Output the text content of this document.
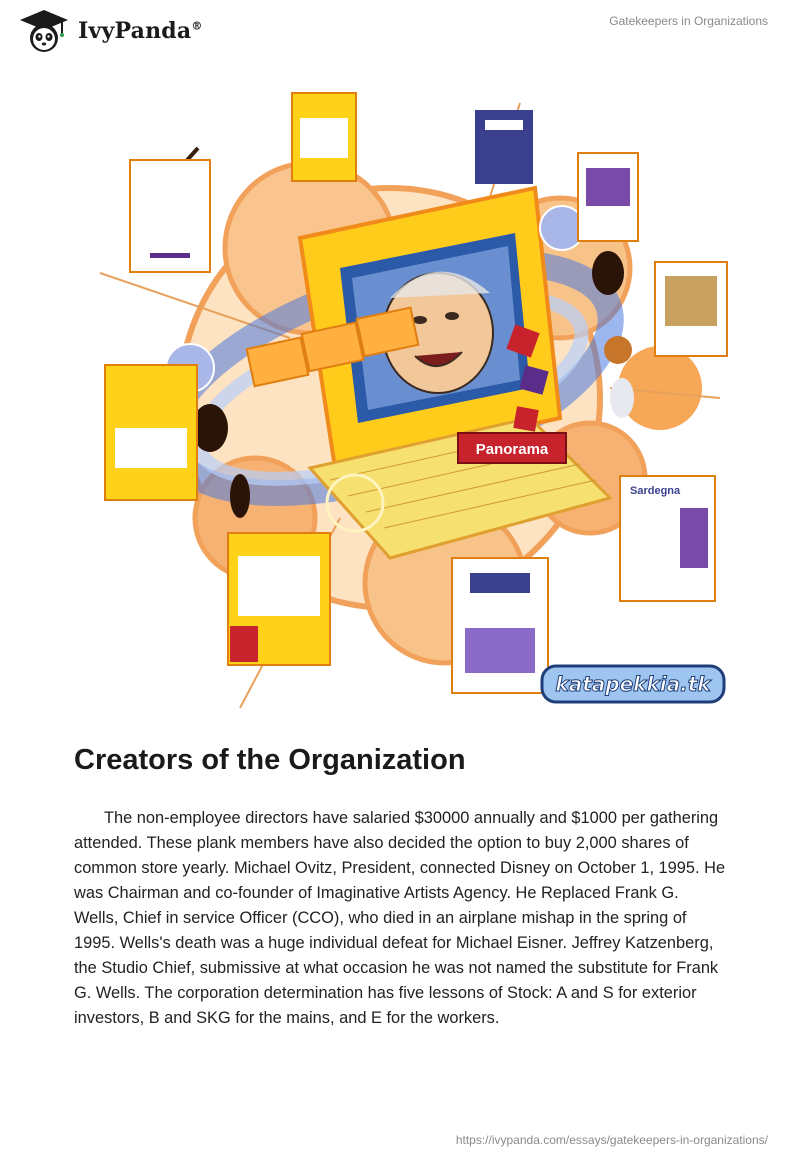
IvyPanda®	Gatekeepers in Organizations
Panorama
Sardegna
katapekkia.tk
Creators of the Organization

The non-employee directors have salaried $30000 annually and $1000 per gathering attended. These plank members have also decided the option to buy 2,000 shares of common store yearly. Michael Ovitz, President, connected Disney on October 1, 1995. He was Chairman and co-founder of Imaginative Artists Agency. He Replaced Frank G. Wells, Chief in service Officer (CCO), who died in an airplane mishap in the spring of 1995. Wells's death was a huge individual defeat for Michael Eisner. Jeffrey Katzenberg, the Studio Chief, submissive at what occasion he was not named the substitute for Frank G. Wells. The corporation determination has five lessons of Stock: A and S for exterior investors, B and SKG for the mains, and E for the workers.

https://ivypanda.com/essays/gatekeepers-in-organizations/
